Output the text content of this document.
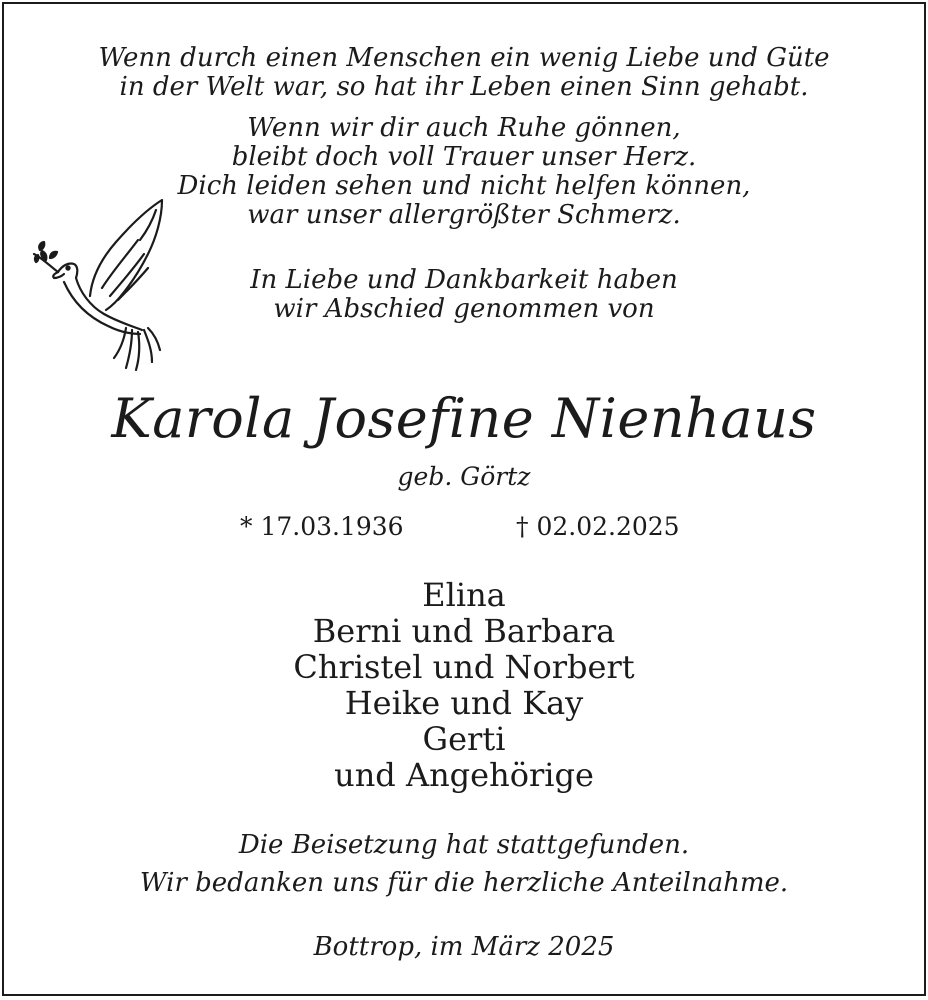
Wenn durch einen Menschen ein wenig Liebe und Güte
in der Welt war, so hat ihr Leben einen Sinn gehabt.
Wenn wir dir auch Ruhe gönnen,
bleibt doch voll Trauer unser Herz.
Dich leiden sehen und nicht helfen können,
war unser allergrößter Schmerz.
In Liebe und Dankbarkeit haben
wir Abschied genommen von
Karola Josefine Nienhaus
geb. Görtz
* 17.03.1936	† 02.02.2025
Elina
Berni und Barbara
Christel und Norbert
Heike und Kay
Gerti
und Angehörige
Die Beisetzung hat stattgefunden.
Wir bedanken uns für die herzliche Anteilnahme.
Bottrop, im März 2025
